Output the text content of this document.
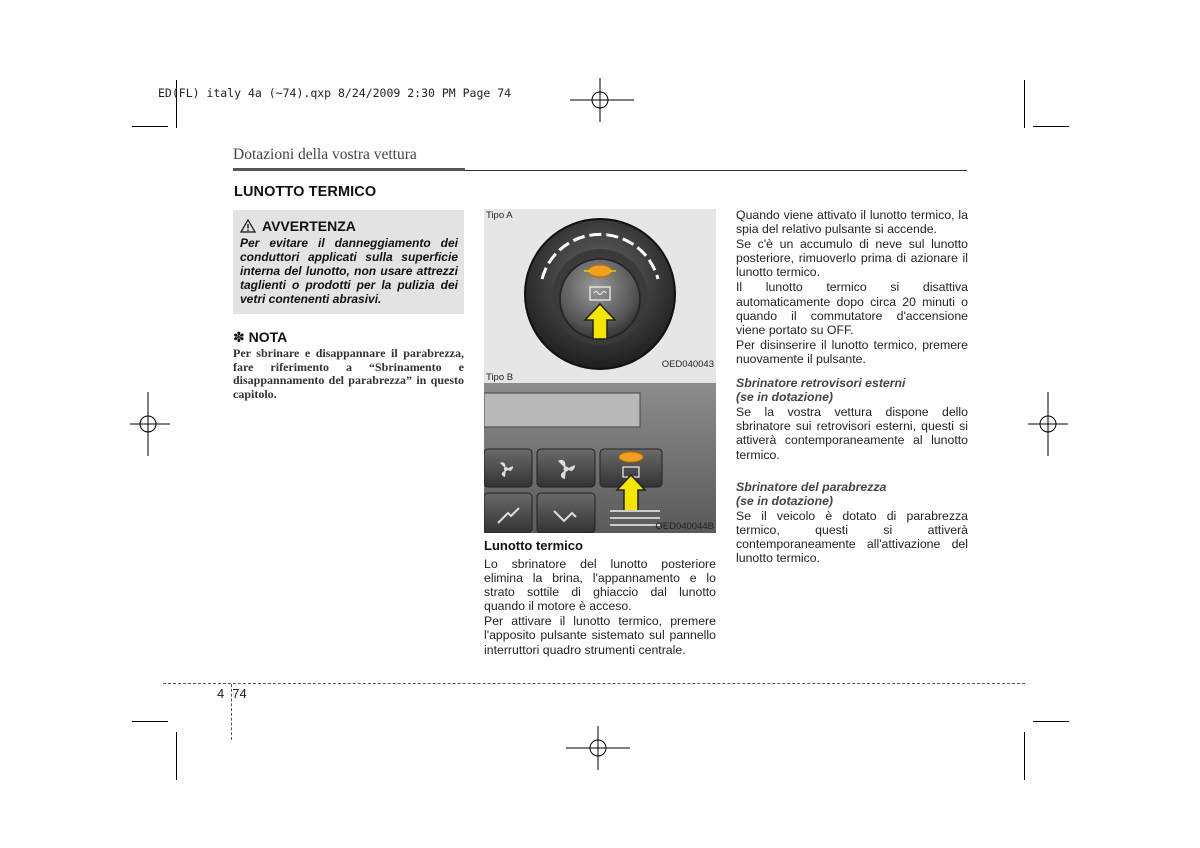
ED(FL) italy 4a (~74).qxp 8/24/2009 2:30 PM Page 74
Dotazioni della vostra vettura
LUNOTTO TERMICO
AVVERTENZA
Per evitare il danneggiamento dei conduttori applicati sulla superficie interna del lunotto, non usare attrezzi taglienti o prodotti per la pulizia dei vetri contenenti abrasivi.
✽ NOTA
Per sbrinare e disappannare il parabrezza, fare riferimento a “Sbrinamento e disappannamento del parabrezza” in questo capitolo.
Tipo A
OED040043
Tipo B
OED040044B
Lunotto termico

Lo sbrinatore del lunotto posteriore elimina la brina, l'appannamento e lo strato sottile di ghiaccio dal lunotto quando il motore è acceso.

Per attivare il lunotto termico, premere l'apposito pulsante sistemato sul pannello interruttori quadro strumenti centrale.

Quando viene attivato il lunotto termico, la spia del relativo pulsante si accende.

Se c'è un accumulo di neve sul lunotto posteriore, rimuoverlo prima di azionare il lunotto termico.

Il lunotto termico si disattiva automaticamente dopo circa 20 minuti o quando il commutatore d'accensione viene portato su OFF.

Per disinserire il lunotto termico, premere nuovamente il pulsante.

Sbrinatore retrovisori esterni

(se in dotazione)

Se la vostra vettura dispone dello sbrinatore sui retrovisori esterni, questi si attiverà contemporaneamente al lunotto termico.

Sbrinatore del parabrezza

(se in dotazione)

Se il veicolo è dotato di parabrezza termico, questi si attiverà contemporaneamente all'attivazione del lunotto termico.

4 74
